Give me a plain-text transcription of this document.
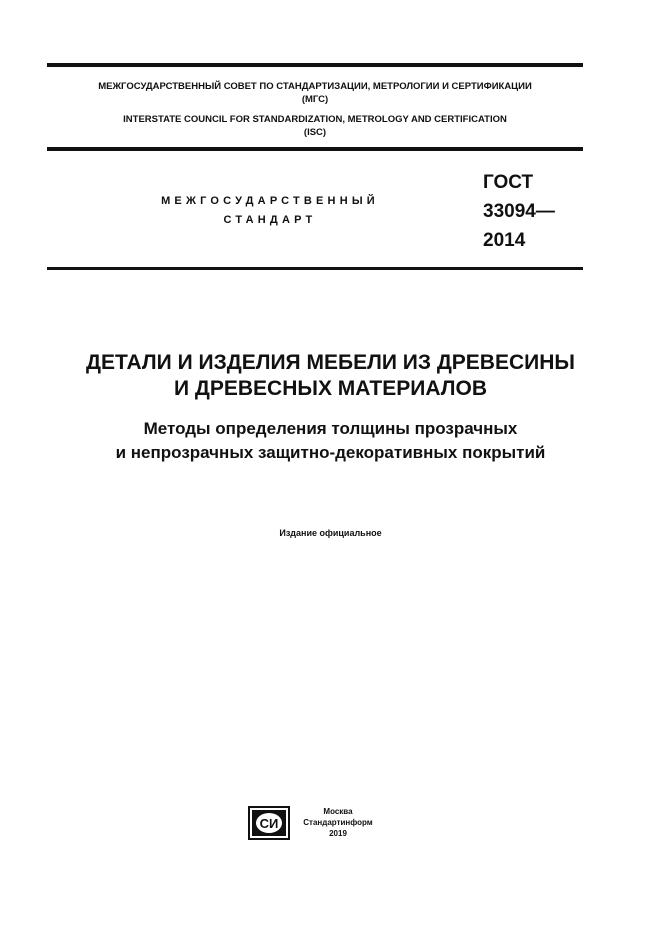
МЕЖГОСУДАРСТВЕННЫЙ СОВЕТ ПО СТАНДАРТИЗАЦИИ, МЕТРОЛОГИИ И СЕРТИФИКАЦИИ
(МГС)
INTERSTATE COUNCIL FOR STANDARDIZATION, METROLOGY AND CERTIFICATION
(ISC)
МЕЖГОСУДАРСТВЕННЫЙ
СТАНДАРТ
ГОСТ
33094—
2014
ДЕТАЛИ И ИЗДЕЛИЯ МЕБЕЛИ ИЗ ДРЕВЕСИНЫ
И ДРЕВЕСНЫХ МАТЕРИАЛОВ
Методы определения толщины прозрачных
и непрозрачных защитно-декоративных покрытий
Издание официальное
СИ
Москва
Стандартинформ
2019
